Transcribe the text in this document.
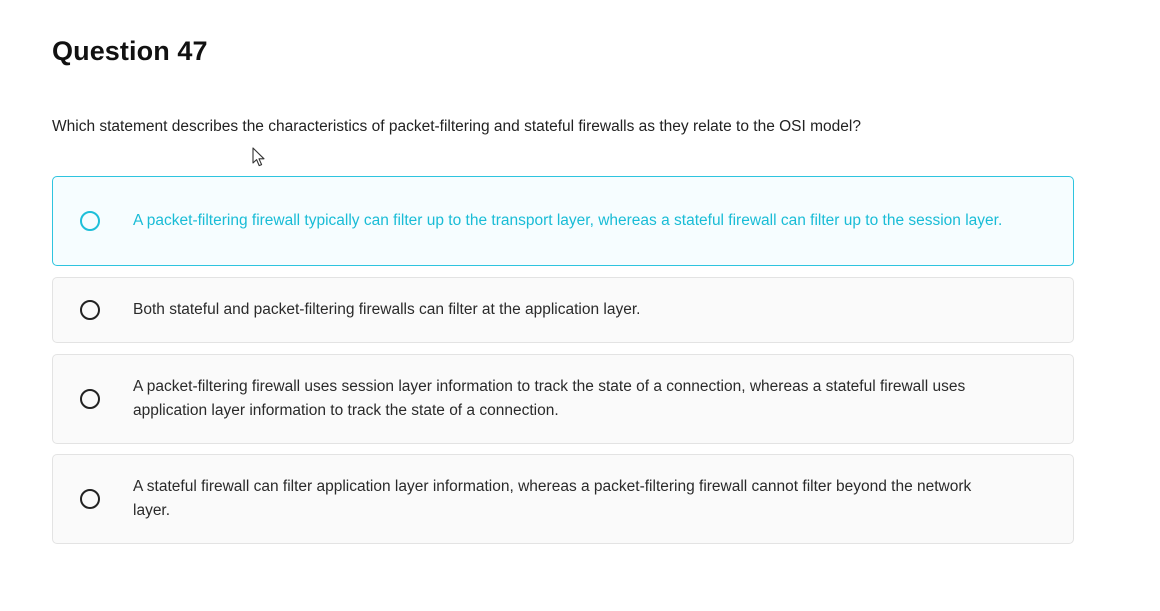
Question 47

Which statement describes the characteristics of packet-filtering and stateful firewalls as they relate to the OSI model?

A packet-filtering firewall typically can filter up to the transport layer, whereas a stateful firewall can filter up to the session layer.
Both stateful and packet-filtering firewalls can filter at the application layer.
A packet-filtering firewall uses session layer information to track the state of a connection, whereas a stateful firewall uses application layer information to track the state of a connection.
A stateful firewall can filter application layer information, whereas a packet-filtering firewall cannot filter beyond the network layer.
